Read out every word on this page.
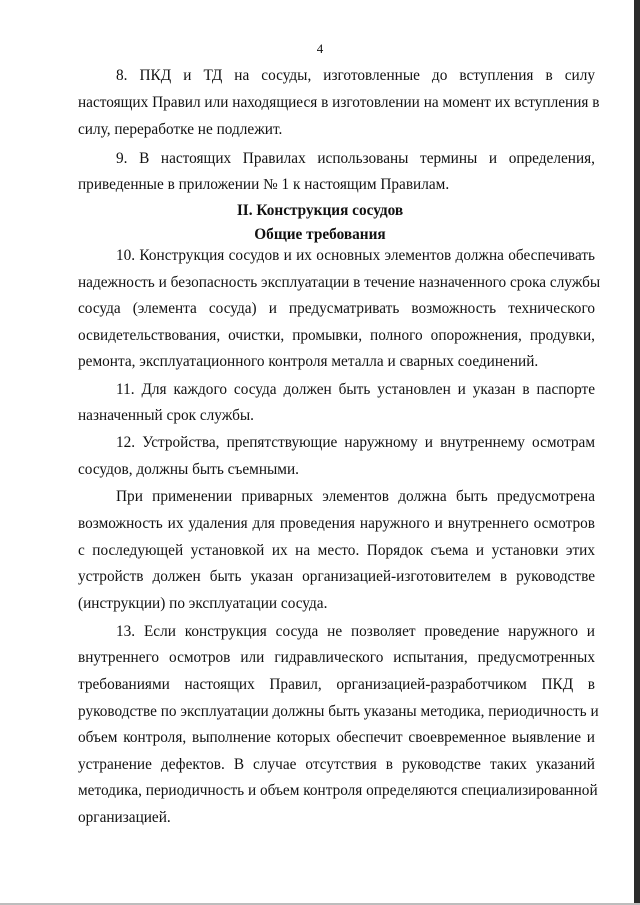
4
8. ПКД и ТД на сосуды, изготовленные до вступления в силу
настоящих Правил или находящиеся в изготовлении на момент их вступления в
силу, переработке не подлежит.
9. В настоящих Правилах использованы термины и определения,
приведенные в приложении № 1 к настоящим Правилам.
II. Конструкция сосудов
Общие требования
10. Конструкция сосудов и их основных элементов должна обеспечивать
надежность и безопасность эксплуатации в течение назначенного срока службы
сосуда (элемента сосуда) и предусматривать возможность технического
освидетельствования, очистки, промывки, полного опорожнения, продувки,
ремонта, эксплуатационного контроля металла и сварных соединений.
11. Для каждого сосуда должен быть установлен и указан в паспорте
назначенный срок службы.
12. Устройства, препятствующие наружному и внутреннему осмотрам
сосудов, должны быть съемными.
При применении приварных элементов должна быть предусмотрена
возможность их удаления для проведения наружного и внутреннего осмотров
с последующей установкой их на место. Порядок съема и установки этих
устройств должен быть указан организацией-изготовителем в руководстве
(инструкции) по эксплуатации сосуда.
13. Если конструкция сосуда не позволяет проведение наружного и
внутреннего осмотров или гидравлического испытания, предусмотренных
требованиями настоящих Правил, организацией-разработчиком ПКД в
руководстве по эксплуатации должны быть указаны методика, периодичность и
объем контроля, выполнение которых обеспечит своевременное выявление и
устранение дефектов. В случае отсутствия в руководстве таких указаний
методика, периодичность и объем контроля определяются специализированной
организацией.
